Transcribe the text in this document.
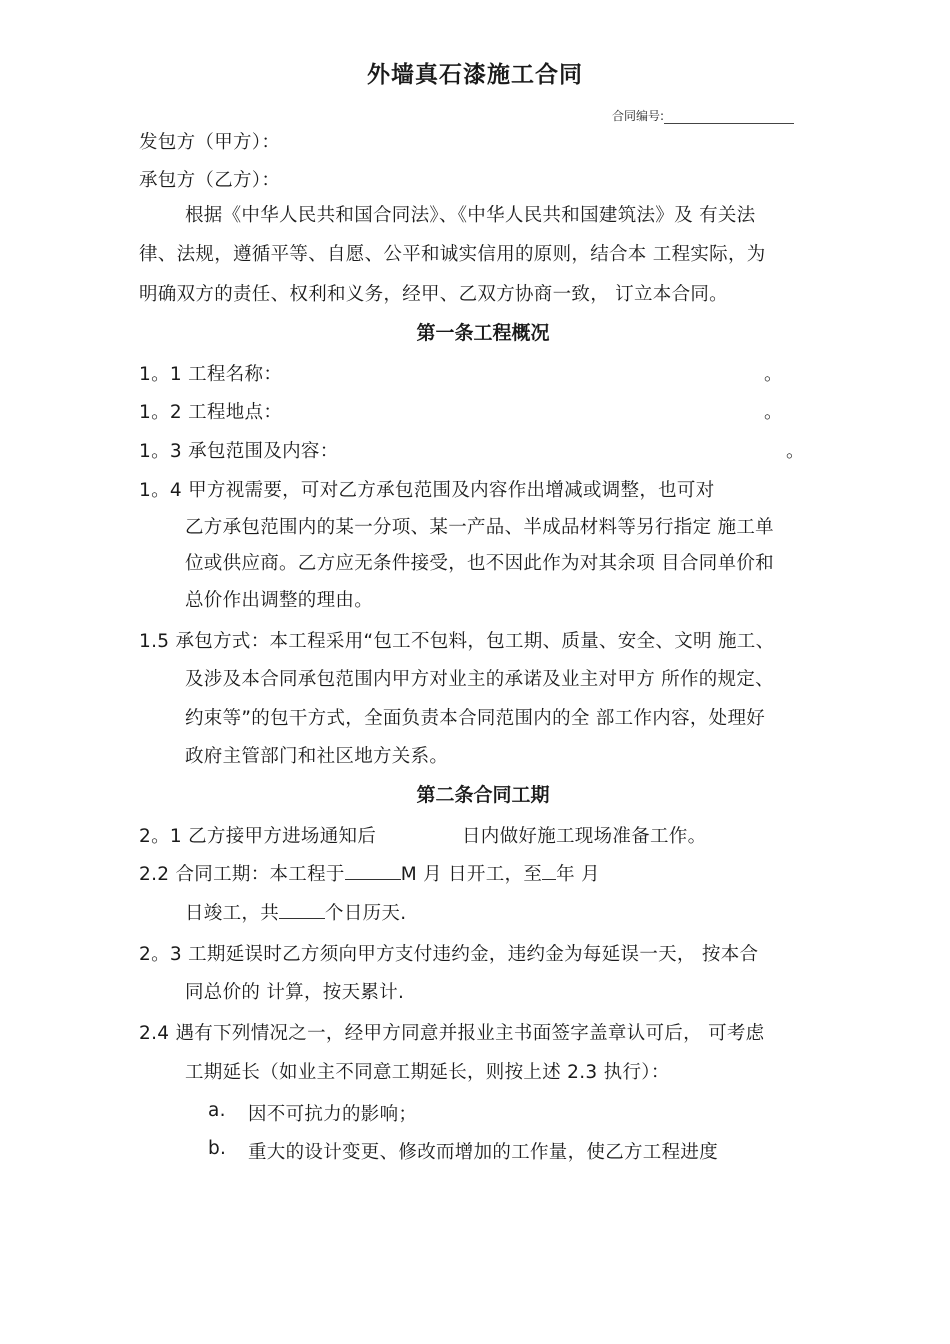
外墙真石漆施工合同
合同编号:
发包方（甲方）：
承包方（乙方）：
根据《中华人民共和国合同法》、《中华人民共和国建筑法》及 有关法
律、法规，遵循平等、自愿、公平和诚实信用的原则，结合本 工程实际，为
明确双方的责任、权利和义务，经甲、乙双方协商一致， 订立本合同。
第一条工程概况
1。1 工程名称：	。
1。2 工程地点：	。
1。3 承包范围及内容：	。
1。4 甲方视需要，可对乙方承包范围及内容作出增减或调整，也可对
乙方承包范围内的某一分项、某一产品、半成品材料等另行指定 施工单
位或供应商。乙方应无条件接受，也不因此作为对其余项 目合同单价和
总价作出调整的理由。
1.5 承包方式：本工程采用“包工不包料，包工期、质量、安全、文明 施工、
及涉及本合同承包范围内甲方对业主的承诺及业主对甲方 所作的规定、
约束等”的包干方式，全面负责本合同范围内的全 部工作内容，处理好
政府主管部门和社区地方关系。
第二条合同工期
2。1 乙方接甲方进场通知后	日内做好施工现场准备工作。
2.2 合同工期：本工程于	M 月 日开工，至 年 月
日竣工，共 个日历天.
2。3 工期延误时乙方须向甲方支付违约金，违约金为每延误一天， 按本合
同总价的 计算，按天累计.
2.4 遇有下列情况之一，经甲方同意并报业主书面签字盖章认可后， 可考虑
工期延长（如业主不同意工期延长，则按上述 2.3 执行）：
a. 因不可抗力的影响；
b. 重大的设计变更、修改而增加的工作量，使乙方工程进度
